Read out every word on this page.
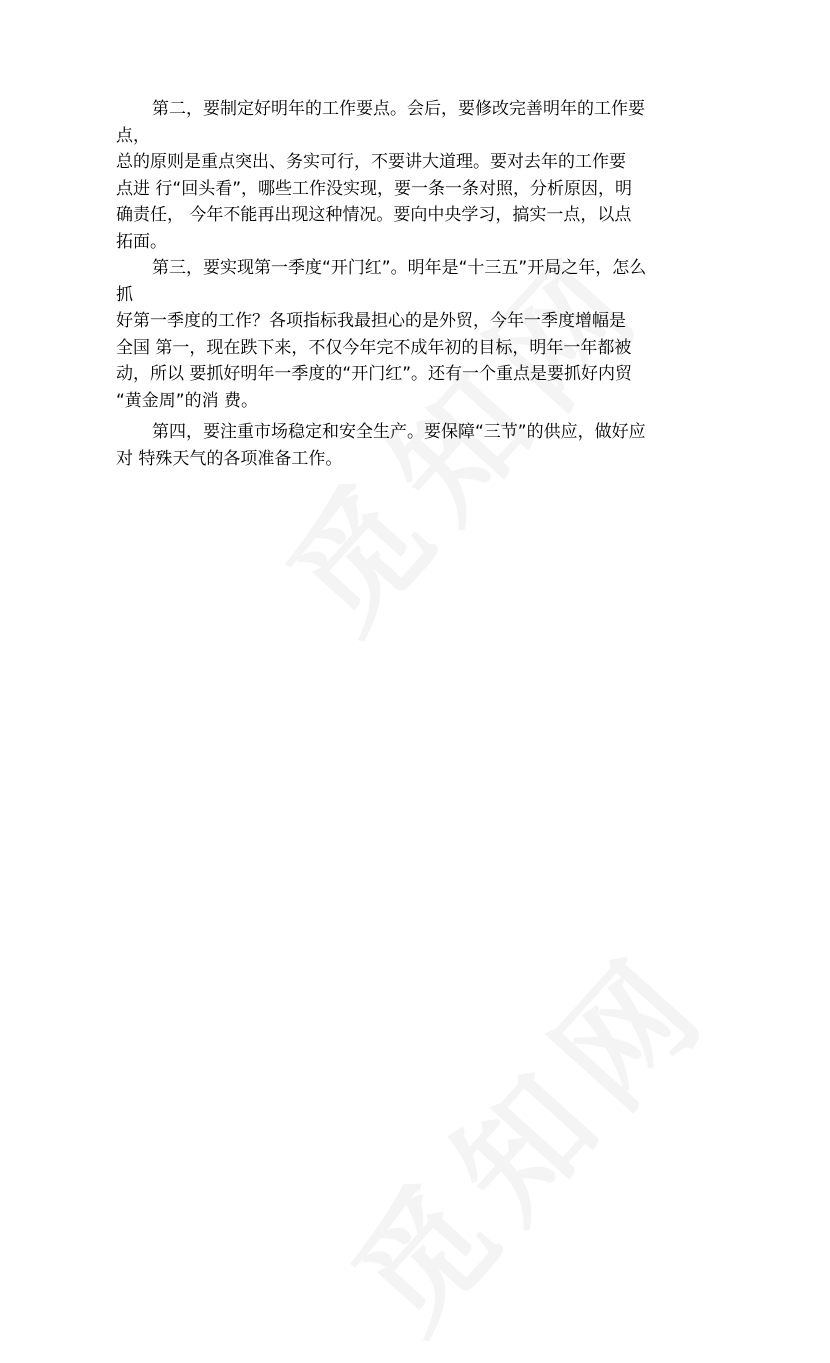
第二，要制定好明年的工作要点。会后，要修改完善明年的工作要
点，
总的原则是重点突出、务实可行，不要讲大道理。要对去年的工作要
点进 行“回头看”，哪些工作没实现，要一条一条对照，分析原因，明
确责任， 今年不能再出现这种情况。要向中央学习，搞实一点，以点
拓面。
第三，要实现第一季度“开门红”。明年是“十三五”开局之年，怎么
抓
好第一季度的工作？各项指标我最担心的是外贸，今年一季度增幅是
全国 第一，现在跌下来，不仅今年完不成年初的目标，明年一年都被
动，所以 要抓好明年一季度的“开门红”。还有一个重点是要抓好内贸
“黄金周”的消 费。
第四，要注重市场稳定和安全生产。要保障“三节”的供应，做好应
对 特殊天气的各项准备工作。
